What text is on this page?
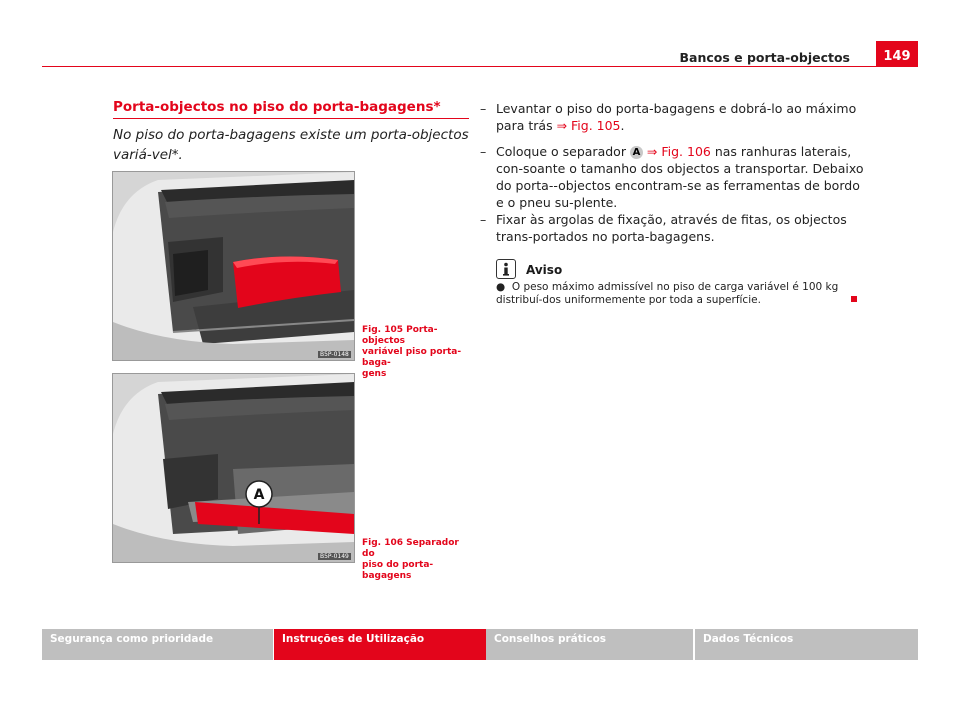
Bancos e porta-objectos	149
Porta-objectos no piso do porta-bagagens*
No piso do porta-bagagens existe um porta-objectos variá-vel*.
B5P-0148
Fig. 105 Porta-objectos
variável piso porta-baga-
gens
A
B5P-0149
Fig. 106 Separador do
piso do porta-bagagens
– Levantar o piso do porta-bagagens e dobrá-lo ao máximo para trás ⇒ Fig. 105.
– Coloque o separador A ⇒ Fig. 106 nas ranhuras laterais, con-soante o tamanho dos objectos a transportar. Debaixo do porta--objectos encontram-se as ferramentas de bordo e o pneu su-plente.
– Fixar às argolas de fixação, através de fitas, os objectos trans-portados no porta-bagagens.
Aviso
● O peso máximo admissível no piso de carga variável é 100 kg distribuí-dos uniformemente por toda a superfície.
Segurança como prioridade	Instruções de Utilização	Conselhos práticos	Dados Técnicos
